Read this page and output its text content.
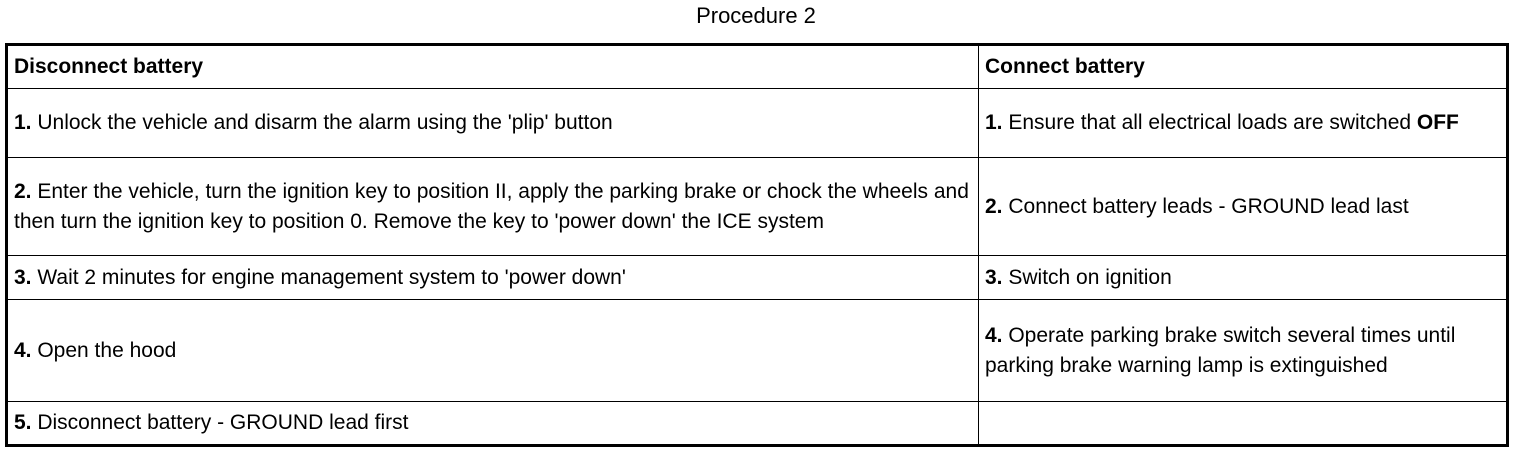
Procedure 2
Disconnect battery	Connect battery
1. Unlock the vehicle and disarm the alarm using the 'plip' button	1. Ensure that all electrical loads are switched OFF
2. Enter the vehicle, turn the ignition key to position II, apply the parking brake or chock the wheels and then turn the ignition key to position 0. Remove the key to 'power down' the ICE system	2. Connect battery leads - GROUND lead last
3. Wait 2 minutes for engine management system to 'power down'	3. Switch on ignition
4. Open the hood	4. Operate parking brake switch several times until parking brake warning lamp is extinguished
5. Disconnect battery - GROUND lead first	
